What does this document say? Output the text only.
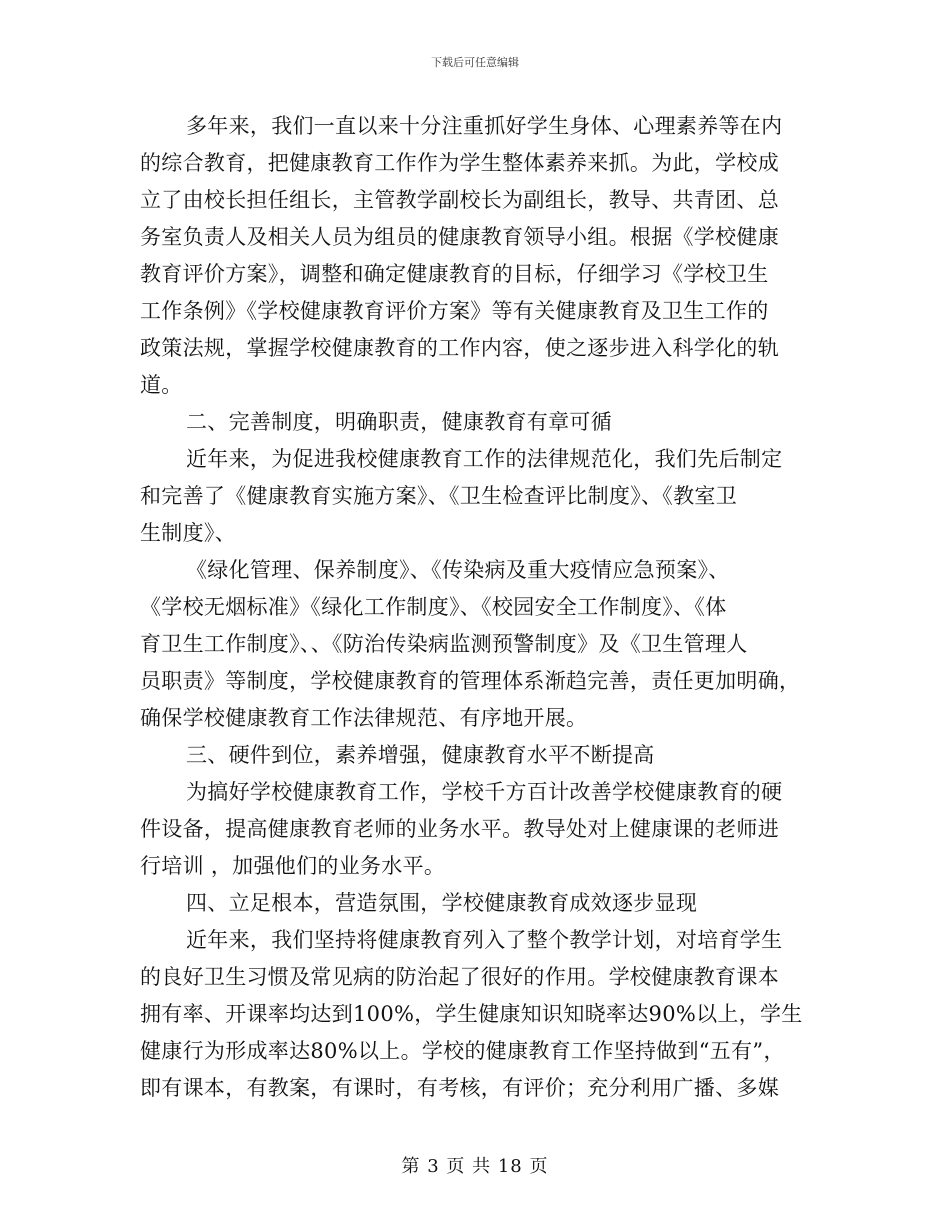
下载后可任意编辑

多年来，我们一直以来十分注重抓好学生身体、心理素养等在内
的综合教育，把健康教育工作作为学生整体素养来抓。为此，学校成
立了由校长担任组长，主管教学副校长为副组长，教导、共青团、总
务室负责人及相关人员为组员的健康教育领导小组。根据《学校健康
教育评价方案》，调整和确定健康教育的目标，仔细学习《学校卫生
工作条例》《学校健康教育评价方案》等有关健康教育及卫生工作的
政策法规，掌握学校健康教育的工作内容，使之逐步进入科学化的轨
道。

二、完善制度，明确职责，健康教育有章可循

近年来，为促进我校健康教育工作的法律规范化，我们先后制定
和完善了《健康教育实施方案》、《卫生检查评比制度》、《教室卫
生制度》、

《绿化管理、保养制度》、《传染病及重大疫情应急预案》、
《学校无烟标准》《绿化工作制度》、《校园安全工作制度》、《体
育卫生工作制度》、、《防治传染病监测预警制度》及《卫生管理人
员职责》等制度，学校健康教育的管理体系渐趋完善，责任更加明确，
确保学校健康教育工作法律规范、有序地开展。

三、硬件到位，素养增强，健康教育水平不断提高

为搞好学校健康教育工作，学校千方百计改善学校健康教育的硬
件设备，提高健康教育老师的业务水平。教导处对上健康课的老师进
行培训 ，加强他们的业务水平。

四、立足根本，营造氛围，学校健康教育成效逐步显现

近年来，我们坚持将健康教育列入了整个教学计划，对培育学生
的良好卫生习惯及常见病的防治起了很好的作用。学校健康教育课本
拥有率、开课率均达到100%，学生健康知识知晓率达90%以上，学生
健康行为形成率达80%以上。学校的健康教育工作坚持做到“五有”，
即有课本，有教案，有课时，有考核，有评价；充分利用广播、多媒

第 3 页 共 18 页
